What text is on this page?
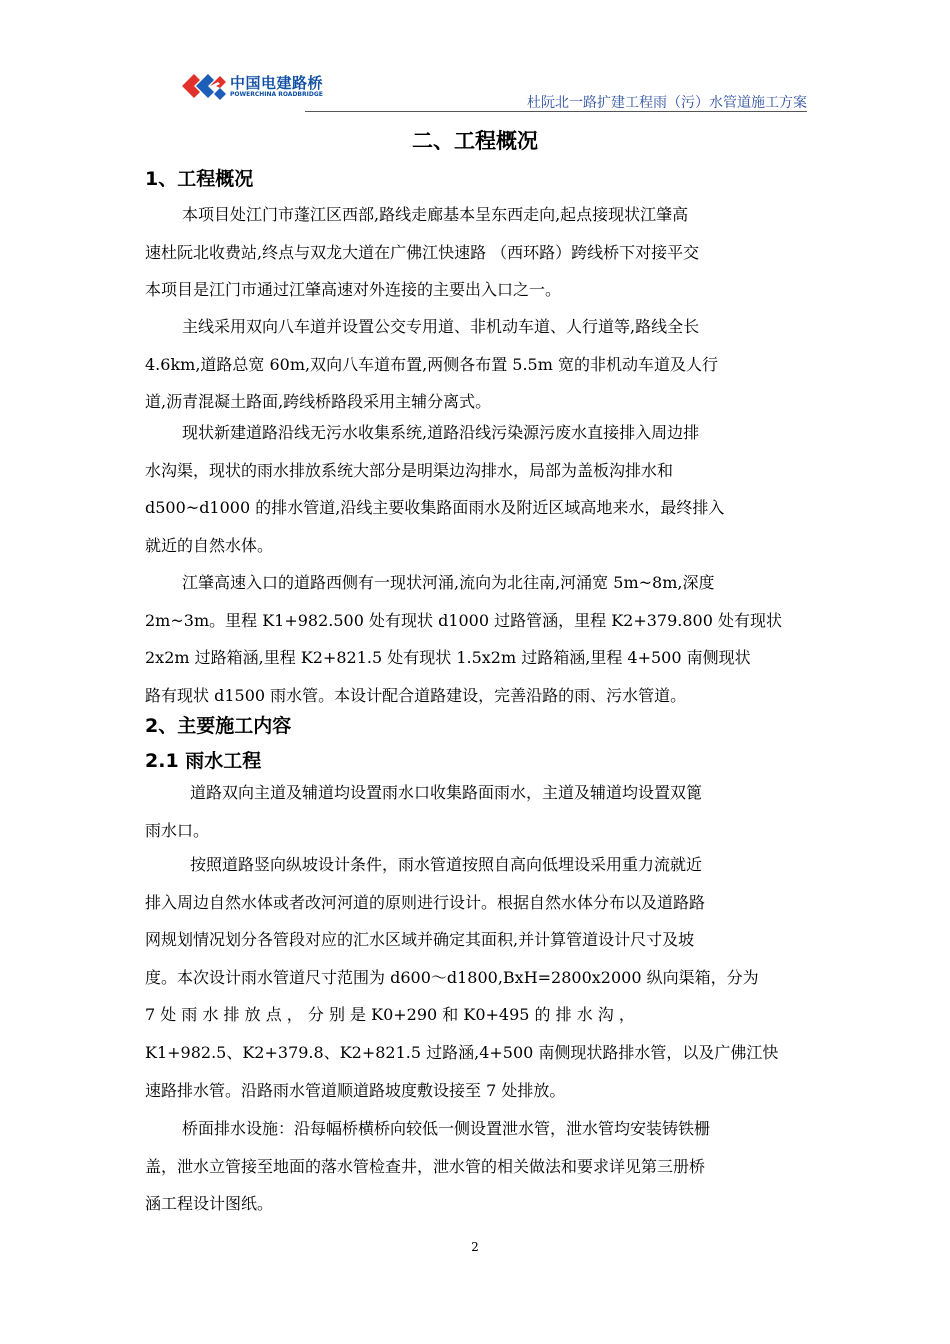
中国电建路桥
POWERCHINA ROADBRIDGE
杜阮北一路扩建工程雨（污）水管道施工方案
二、工程概况
1、工程概况
本项目处江门市蓬江区西部,路线走廊基本呈东西走向,起点接现状江肇高
速杜阮北收费站,终点与双龙大道在广佛江快速路 （西环路）跨线桥下对接平交
本项目是江门市通过江肇高速对外连接的主要出入口之一。
主线采用双向八车道并设置公交专用道、非机动车道、人行道等,路线全长
4.6km,道路总宽 60m,双向八车道布置,两侧各布置 5.5m 宽的非机动车道及人行
道,沥青混凝土路面,跨线桥路段采用主辅分离式。
现状新建道路沿线无污水收集系统,道路沿线污染源污废水直接排入周边排
水沟渠，现状的雨水排放系统大部分是明渠边沟排水，局部为盖板沟排水和
d500~d1000 的排水管道,沿线主要收集路面雨水及附近区域高地来水，最终排入
就近的自然水体。
江肇高速入口的道路西侧有一现状河涌,流向为北往南,河涌宽 5m~8m,深度
2m~3m。里程 K1+982.500 处有现状 d1000 过路管涵，里程 K2+379.800 处有现状
2x2m 过路箱涵,里程 K2+821.5 处有现状 1.5x2m 过路箱涵,里程 4+500 南侧现状
路有现状 d1500 雨水管。本设计配合道路建设，完善沿路的雨、污水管道。
2、主要施工内容
2.1 雨水工程
道路双向主道及辅道均设置雨水口收集路面雨水，主道及辅道均设置双篦
雨水口。
按照道路竖向纵坡设计条件，雨水管道按照自高向低埋设采用重力流就近
排入周边自然水体或者改河河道的原则进行设计。根据自然水体分布以及道路路
网规划情况划分各管段对应的汇水区域并确定其面积,并计算管道设计尺寸及坡
度。本次设计雨水管道尺寸范围为 d600～d1800,BxH=2800x2000 纵向渠箱，分为
7 处 雨 水 排 放 点 ， 分 别 是 K0+290 和 K0+495 的 排 水 沟 ，
K1+982.5、K2+379.8、K2+821.5 过路涵,4+500 南侧现状路排水管，以及广佛江快
速路排水管。沿路雨水管道顺道路坡度敷设接至 7 处排放。
桥面排水设施：沿每幅桥横桥向较低一侧设置泄水管，泄水管均安装铸铁栅
盖，泄水立管接至地面的落水管检查井，泄水管的相关做法和要求详见第三册桥
涵工程设计图纸。
2
